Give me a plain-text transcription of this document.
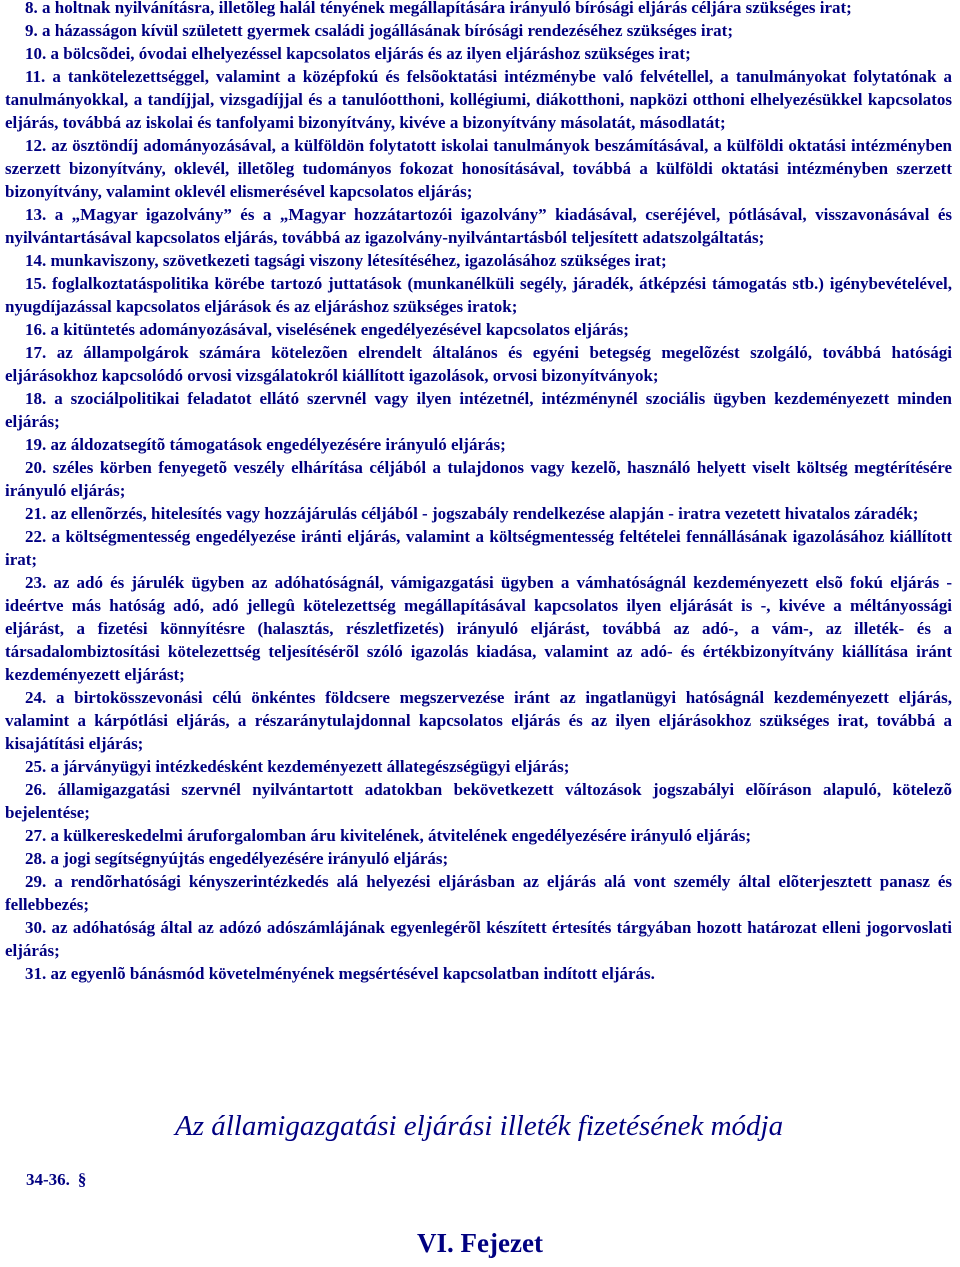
8. a holtnak nyilvánításra, illetõleg halál tényének megállapítására irányuló bírósági eljárás céljára szükséges irat;

9. a házasságon kívül született gyermek családi jogállásának bírósági rendezéséhez szükséges irat;

10. a bölcsõdei, óvodai elhelyezéssel kapcsolatos eljárás és az ilyen eljáráshoz szükséges irat;

11. a tankötelezettséggel, valamint a középfokú és felsõoktatási intézménybe való felvétellel, a tanulmányokat folytatónak a tanulmányokkal, a tandíjjal, vizsgadíjjal és a tanulóotthoni, kollégiumi, diákotthoni, napközi otthoni elhelyezésükkel kapcsolatos eljárás, továbbá az iskolai és tanfolyami bizonyítvány, kivéve a bizonyítvány másolatát, másodlatát;

12. az ösztöndíj adományozásával, a külföldön folytatott iskolai tanulmányok beszámításával, a külföldi oktatási intézményben szerzett bizonyítvány, oklevél, illetõleg tudományos fokozat honosításával, továbbá a külföldi oktatási intézményben szerzett bizonyítvány, valamint oklevél elismerésével kapcsolatos eljárás;

13. a „Magyar igazolvány” és a „Magyar hozzátartozói igazolvány” kiadásával, cseréjével, pótlásával, visszavonásával és nyilvántartásával kapcsolatos eljárás, továbbá az igazolvány-nyilvántartásból teljesített adatszolgáltatás;

14. munkaviszony, szövetkezeti tagsági viszony létesítéséhez, igazolásához szükséges irat;

15. foglalkoztatáspolitika körébe tartozó juttatások (munkanélküli segély, járadék, átképzési támogatás stb.) igénybevételével, nyugdíjazással kapcsolatos eljárások és az eljáráshoz szükséges iratok;

16. a kitüntetés adományozásával, viselésének engedélyezésével kapcsolatos eljárás;

17. az állampolgárok számára kötelezõen elrendelt általános és egyéni betegség megelõzést szolgáló, továbbá hatósági eljárásokhoz kapcsolódó orvosi vizsgálatokról kiállított igazolások, orvosi bizonyítványok;

18. a szociálpolitikai feladatot ellátó szervnél vagy ilyen intézetnél, intézménynél szociális ügyben kezdeményezett minden eljárás;

19. az áldozatsegítõ támogatások engedélyezésére irányuló eljárás;

20. széles körben fenyegetõ veszély elhárítása céljából a tulajdonos vagy kezelõ, használó helyett viselt költség megtérítésére irányuló eljárás;

21. az ellenõrzés, hitelesítés vagy hozzájárulás céljából - jogszabály rendelkezése alapján - iratra vezetett hivatalos záradék;

22. a költségmentesség engedélyezése iránti eljárás, valamint a költségmentesség feltételei fennállásának igazolásához kiállított irat;

23. az adó és járulék ügyben az adóhatóságnál, vámigazgatási ügyben a vámhatóságnál kezdeményezett elsõ fokú eljárás - ideértve más hatóság adó, adó jellegû kötelezettség megállapításával kapcsolatos ilyen eljárását is -, kivéve a méltányossági eljárást, a fizetési könnyítésre (halasztás, részletfizetés) irányuló eljárást, továbbá az adó-, a vám-, az illeték- és a társadalombiztosítási kötelezettség teljesítésérõl szóló igazolás kiadása, valamint az adó- és értékbizonyítvány kiállítása iránt kezdeményezett eljárást;

24. a birtokösszevonási célú önkéntes földcsere megszervezése iránt az ingatlanügyi hatóságnál kezdeményezett eljárás, valamint a kárpótlási eljárás, a részaránytulajdonnal kapcsolatos eljárás és az ilyen eljárásokhoz szükséges irat, továbbá a kisajátítási eljárás;

25. a járványügyi intézkedésként kezdeményezett állategészségügyi eljárás;

26. államigazgatási szervnél nyilvántartott adatokban bekövetkezett változások jogszabályi elõíráson alapuló, kötelezõ bejelentése;

27. a külkereskedelmi áruforgalomban áru kivitelének, átvitelének engedélyezésére irányuló eljárás;

28. a jogi segítségnyújtás engedélyezésére irányuló eljárás;

29. a rendõrhatósági kényszerintézkedés alá helyezési eljárásban az eljárás alá vont személy által elõterjesztett panasz és fellebbezés;

30. az adóhatóság által az adózó adószámlájának egyenlegérõl készített értesítés tárgyában hozott határozat elleni jogorvoslati eljárás;

31. az egyenlõ bánásmód követelményének megsértésével kapcsolatban indított eljárás.

Az államigazgatási eljárási illeték fizetésének módja
34-36. §
VI. Fejezet
